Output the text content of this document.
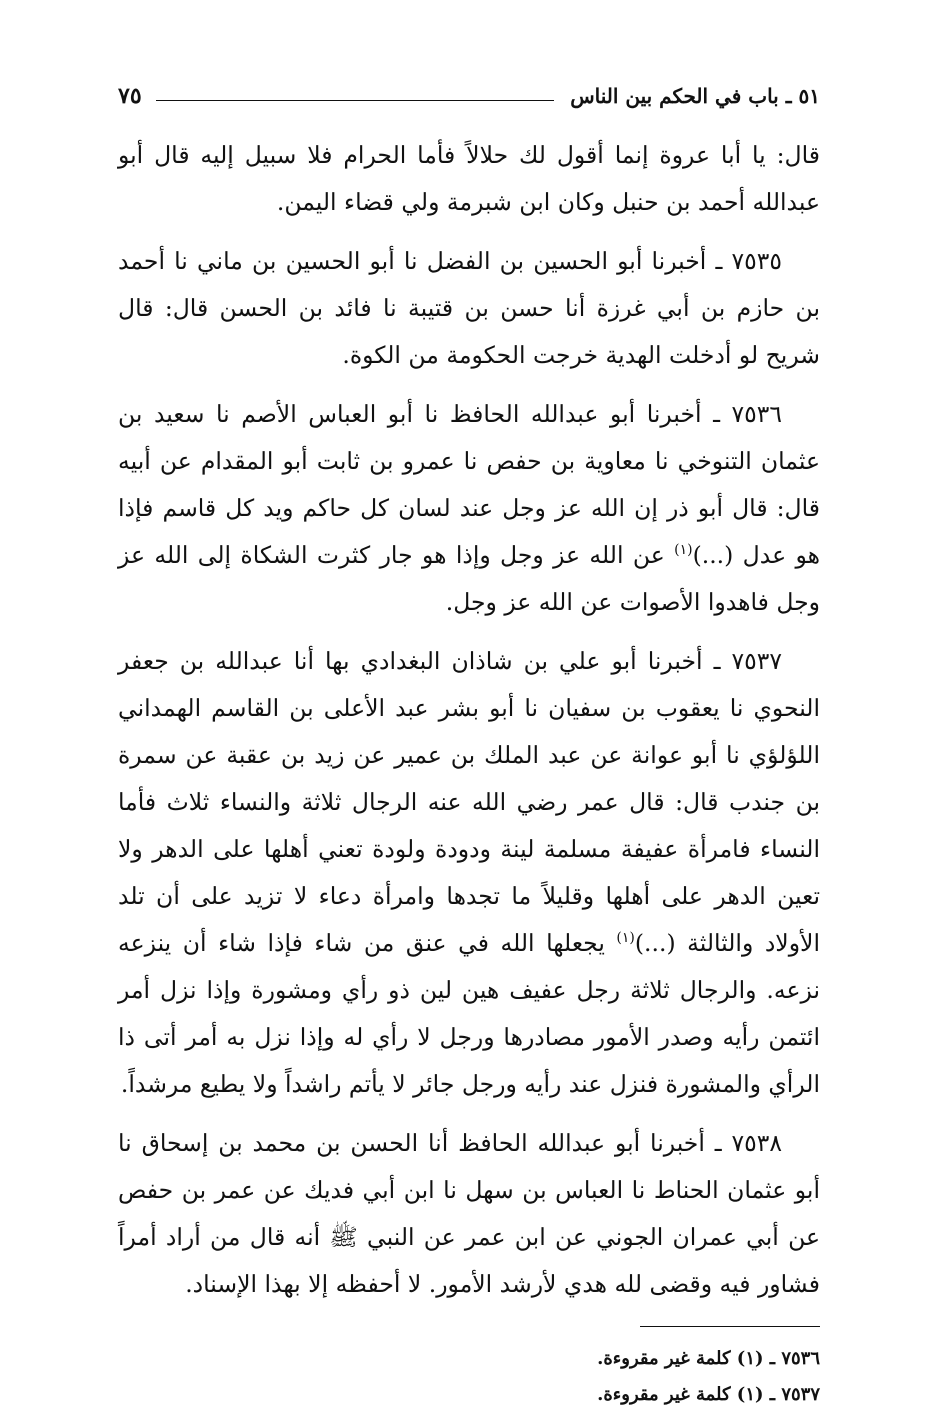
٥١ ـ باب في الحكم بين الناس
٧٥

قال: يا أبا عروة إنما أقول لك حلالاً فأما الحرام فلا سبيل إليه قال أبو عبدالله أحمد بن حنبل وكان ابن شبرمة ولي قضاء اليمن.

٧٥٣٥ ـ أخبرنا أبو الحسين بن الفضل نا أبو الحسين بن ماني نا أحمد بن حازم بن أبي غرزة أنا حسن بن قتيبة نا فائد بن الحسن قال: قال شريح لو أدخلت الهدية خرجت الحكومة من الكوة.

٧٥٣٦ ـ أخبرنا أبو عبدالله الحافظ نا أبو العباس الأصم نا سعيد بن عثمان التنوخي نا معاوية بن حفص نا عمرو بن ثابت أبو المقدام عن أبيه قال: قال أبو ذر إن الله عز وجل عند لسان كل حاكم ويد كل قاسم فإذا هو عدل (...)$^{(١)}$ عن الله عز وجل وإذا هو جار كثرت الشكاة إلى الله عز وجل فاهدوا الأصوات عن الله عز وجل.

٧٥٣٧ ـ أخبرنا أبو علي بن شاذان البغدادي بها أنا عبدالله بن جعفر النحوي نا يعقوب بن سفيان نا أبو بشر عبد الأعلى بن القاسم الهمداني اللؤلؤي نا أبو عوانة عن عبد الملك بن عمير عن زيد بن عقبة عن سمرة بن جندب قال: قال عمر رضي الله عنه الرجال ثلاثة والنساء ثلاث فأما النساء فامرأة عفيفة مسلمة لينة ودودة ولودة تعني أهلها على الدهر ولا تعين الدهر على أهلها وقليلاً ما تجدها وامرأة دعاء لا تزيد على أن تلد الأولاد والثالثة (...)$^{(١)}$ يجعلها الله في عنق من شاء فإذا شاء أن ينزعه نزعه. والرجال ثلاثة رجل عفيف هين لين ذو رأي ومشورة وإذا نزل أمر ائتمن رأيه وصدر الأمور مصادرها ورجل لا رأي له وإذا نزل به أمر أتى ذا الرأي والمشورة فنزل عند رأيه ورجل جائر لا يأتم راشداً ولا يطيع مرشداً.

٧٥٣٨ ـ أخبرنا أبو عبدالله الحافظ أنا الحسن بن محمد بن إسحاق نا أبو عثمان الحناط نا العباس بن سهل نا ابن أبي فديك عن عمر بن حفص عن أبي عمران الجوني عن ابن عمر عن النبي ﷺ أنه قال من أراد أمراً فشاور فيه وقضى لله هدي لأرشد الأمور. لا أحفظه إلا بهذا الإسناد.

٧٥٣٦ ـ (١) كلمة غير مقروءة.

٧٥٣٧ ـ (١) كلمة غير مقروءة.
